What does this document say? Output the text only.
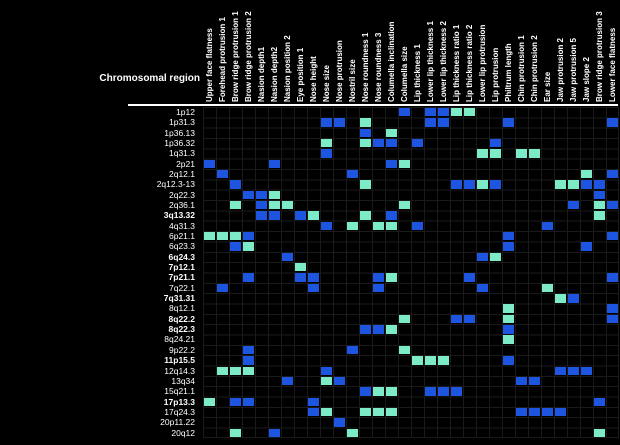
Chromosomal region Upper face flatness Forehead protrusion 1 Brow ridge protrusion 1 Brow ridge protrusion 2 Nasion depth1 Nasion depth2 Nasion position 2 Eye position 1 Nose height Nose size Nose protrusion Nostril size Nose roundness 1 Nose roundness 3 Columella inclination Columella size Lip thickness 1 Lower lip thickness 1 Lower lip thickness 2 Lip thickness ratio 1 Lip thickness ratio 2 Lower lip protrusion Lip protrusion Philtrum length Chin protrusion 1 Chin protrusion 2 Ear size Jaw protrusion 2 Jaw protrusion 5 Jaw slope 2 Brow ridge protrusion 3 Lower face flatness
1p12
1p31.3
1p36.13
1p36.32
1q31.3
2p21
2q12.1
2q12.3-13
2q22.3
2q36.1
3q13.32
4q31.3
6p21.1
6q23.3
6q24.3
7p12.1
7p21.1
7q22.1
7q31.31
8q12.1
8q22.2
8q22.3
8q24.21
9p22.2
11p15.5
12q14.3
13q34
15q21.1
17p13.3
17q24.3
20p11.22
20q12
